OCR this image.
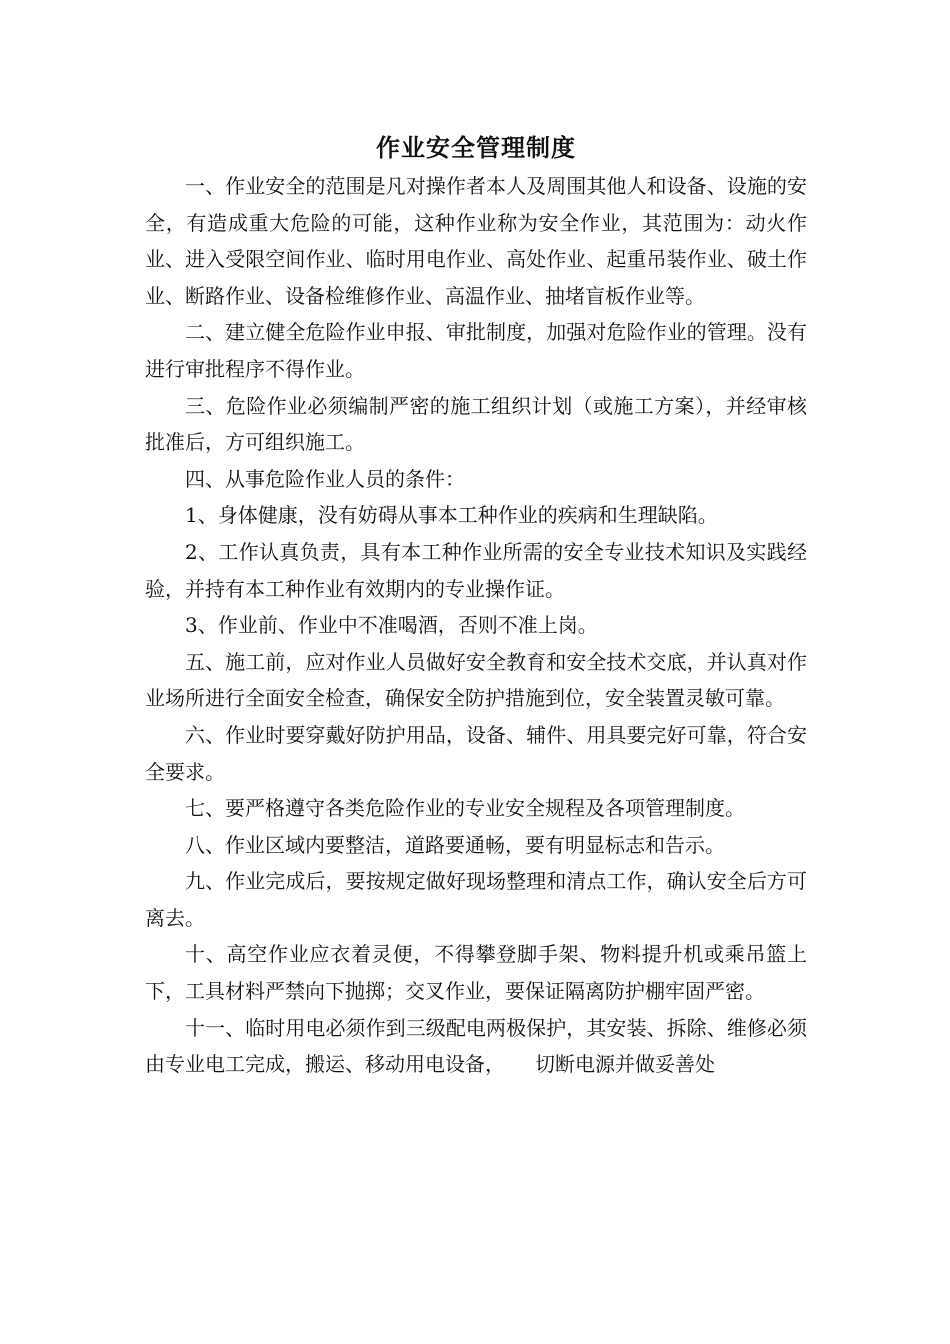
作业安全管理制度

一、作业安全的范围是凡对操作者本人及周围其他人和设备、设施的安全，有造成重大危险的可能，这种作业称为安全作业，其范围为：动火作业、进入受限空间作业、临时用电作业、高处作业、起重吊装作业、破土作业、断路作业、设备检维修作业、高温作业、抽堵盲板作业等。

二、建立健全危险作业申报、审批制度，加强对危险作业的管理。没有进行审批程序不得作业。

三、危险作业必须编制严密的施工组织计划（或施工方案），并经审核批准后，方可组织施工。

四、从事危险作业人员的条件：

1、身体健康，没有妨碍从事本工种作业的疾病和生理缺陷。

2、工作认真负责，具有本工种作业所需的安全专业技术知识及实践经验，并持有本工种作业有效期内的专业操作证。

3、作业前、作业中不准喝酒，否则不准上岗。

五、施工前，应对作业人员做好安全教育和安全技术交底，并认真对作业场所进行全面安全检查，确保安全防护措施到位，安全装置灵敏可靠。

六、作业时要穿戴好防护用品，设备、辅件、用具要完好可靠，符合安全要求。

七、要严格遵守各类危险作业的专业安全规程及各项管理制度。

八、作业区域内要整洁，道路要通畅，要有明显标志和告示。

九、作业完成后，要按规定做好现场整理和清点工作，确认安全后方可离去。

十、高空作业应衣着灵便，不得攀登脚手架、物料提升机或乘吊篮上下，工具材料严禁向下抛掷；交叉作业，要保证隔离防护棚牢固严密。

十一、临时用电必须作到三级配电两极保护，其安装、拆除、维修必须由专业电工完成，搬运、移动用电设备，　　切断电源并做妥善处
